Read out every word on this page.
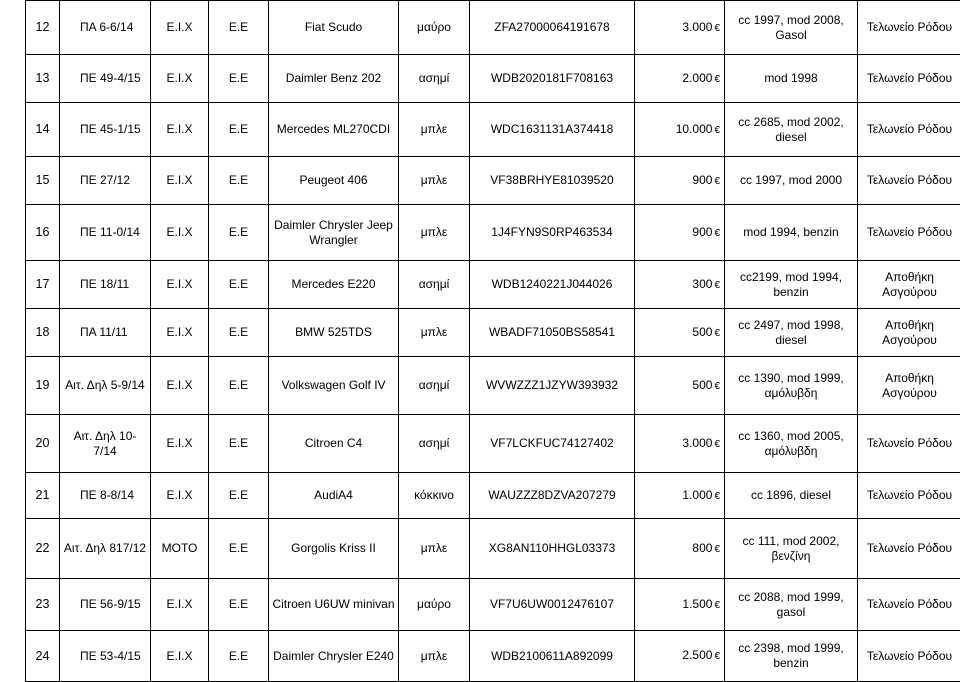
12	ΠΑ 6-6/14	Ε.Ι.Χ	Ε.Ε	Fiat Scudo	μαύρο	ZFA27000064191678	3.000 €	cc 1997, mod 2008, Gasol	Τελωνείο Ρόδου
13	ΠΕ 49-4/15	Ε.Ι.Χ	Ε.Ε	Daimler Benz 202	ασημί	WDB2020181F708163	2.000 €	mod 1998	Τελωνείο Ρόδου
14	ΠΕ 45-1/15	Ε.Ι.Χ	Ε.Ε	Mercedes ML270CDI	μπλε	WDC1631131A374418	10.000 €	cc 2685, mod 2002, diesel	Τελωνείο Ρόδου
15	ΠΕ 27/12	Ε.Ι.Χ	Ε.Ε	Peugeot 406	μπλε	VF38BRHYE81039520	900 €	cc 1997, mod 2000	Τελωνείο Ρόδου
16	ΠΕ 11-0/14	Ε.Ι.Χ	Ε.Ε	Daimler Chrysler Jeep Wrangler	μπλε	1J4FYN9S0RP463534	900 €	mod 1994, benzin	Τελωνείο Ρόδου
17	ΠΕ 18/11	Ε.Ι.Χ	Ε.Ε	Mercedes E220	ασημί	WDB1240221J044026	300 €	cc2199, mod 1994, benzin	Αποθήκη Ασγούρου
18	ΠΑ 11/11	Ε.Ι.Χ	Ε.Ε	BMW 525TDS	μπλε	WBADF71050BS58541	500 €	cc 2497, mod 1998, diesel	Αποθήκη Ασγούρου
19	Αιτ. Δηλ 5-9/14	Ε.Ι.Χ	Ε.Ε	Volkswagen Golf IV	ασημί	WVWZZZ1JZYW393932	500 €	cc 1390, mod 1999, αμόλυβδη	Αποθήκη Ασγούρου
20	Αιτ. Δηλ 10-7/14	Ε.Ι.Χ	Ε.Ε	Citroen C4	ασημί	VF7LCKFUC74127402	3.000 €	cc 1360, mod 2005, αμόλυβδη	Τελωνείο Ρόδου
21	ΠΕ 8-8/14	Ε.Ι.Χ	Ε.Ε	AudiA4	κόκκινο	WAUZZZ8DZVA207279	1.000 €	cc 1896, diesel	Τελωνείο Ρόδου
22	Αιτ. Δηλ 817/12	MOTO	Ε.Ε	Gorgolis Kriss II	μπλε	XG8AN110HHGL03373	800 €	cc 111, mod 2002, βενζίνη	Τελωνείο Ρόδου
23	ΠΕ 56-9/15	Ε.Ι.Χ	Ε.Ε	Citroen U6UW minivan	μαύρο	VF7U6UW0012476107	1.500 €	cc 2088, mod 1999, gasol	Τελωνείο Ρόδου
24	ΠΕ 53-4/15	Ε.Ι.Χ	Ε.Ε	Daimler Chrysler E240	μπλε	WDB2100611A892099	2.500 €	cc 2398, mod 1999, benzin	Τελωνείο Ρόδου
